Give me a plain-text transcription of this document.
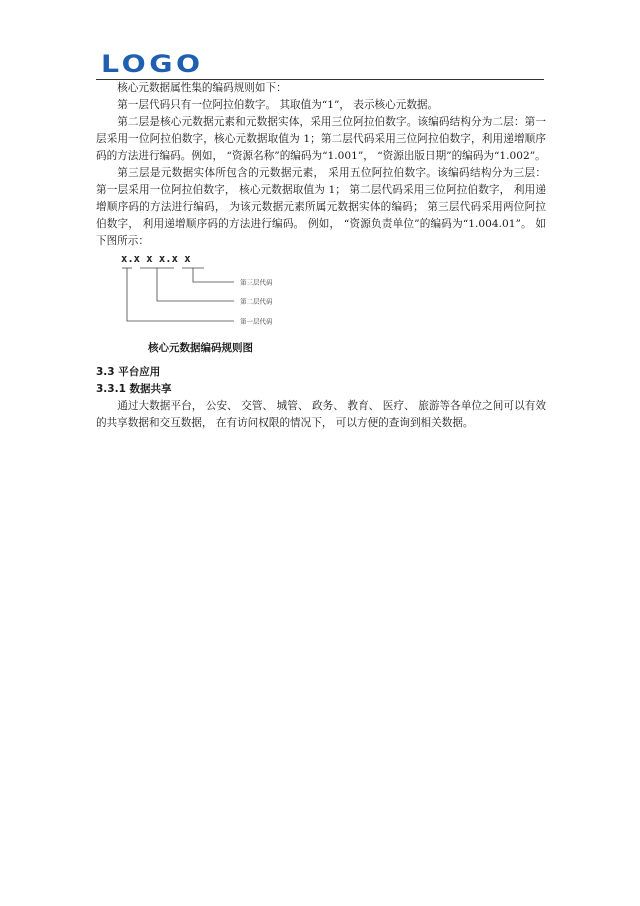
LOGO

核心元数据属性集的编码规则如下：

第一层代码只有一位阿拉伯数字。 其取值为“1”， 表示核心元数据。

第二层是核心元数据元素和元数据实体，采用三位阿拉伯数字。该编码结构分为二层：第一层采用一位阿拉伯数字，核心元数据取值为 1；第二层代码采用三位阿拉伯数字，利用递增顺序码的方法进行编码。例如， “资源名称”的编码为“1.001”， “资源出版日期”的编码为“1.002”。

第三层是元数据实体所包含的元数据元素， 采用五位阿拉伯数字。该编码结构分为三层： 第一层采用一位阿拉伯数字， 核心元数据取值为 1； 第二层代码采用三位阿拉伯数字， 利用递增顺序码的方法进行编码， 为该元数据元素所属元数据实体的编码； 第三层代码采用两位阿拉伯数字， 利用递增顺序码的方法进行编码。 例如， “资源负责单位”的编码为“1.004.01”。 如下图所示：

x.x x x.x x
第三层代码
第二层代码
第一层代码
核心元数据编码规则图

3.3 平台应用

3.3.1 数据共享

通过大数据平台， 公安、 交管、 城管、 政务、 教育、 医疗、 旅游等各单位之间可以有效的共享数据和交互数据， 在有访问权限的情况下， 可以方便的查询到相关数据。
